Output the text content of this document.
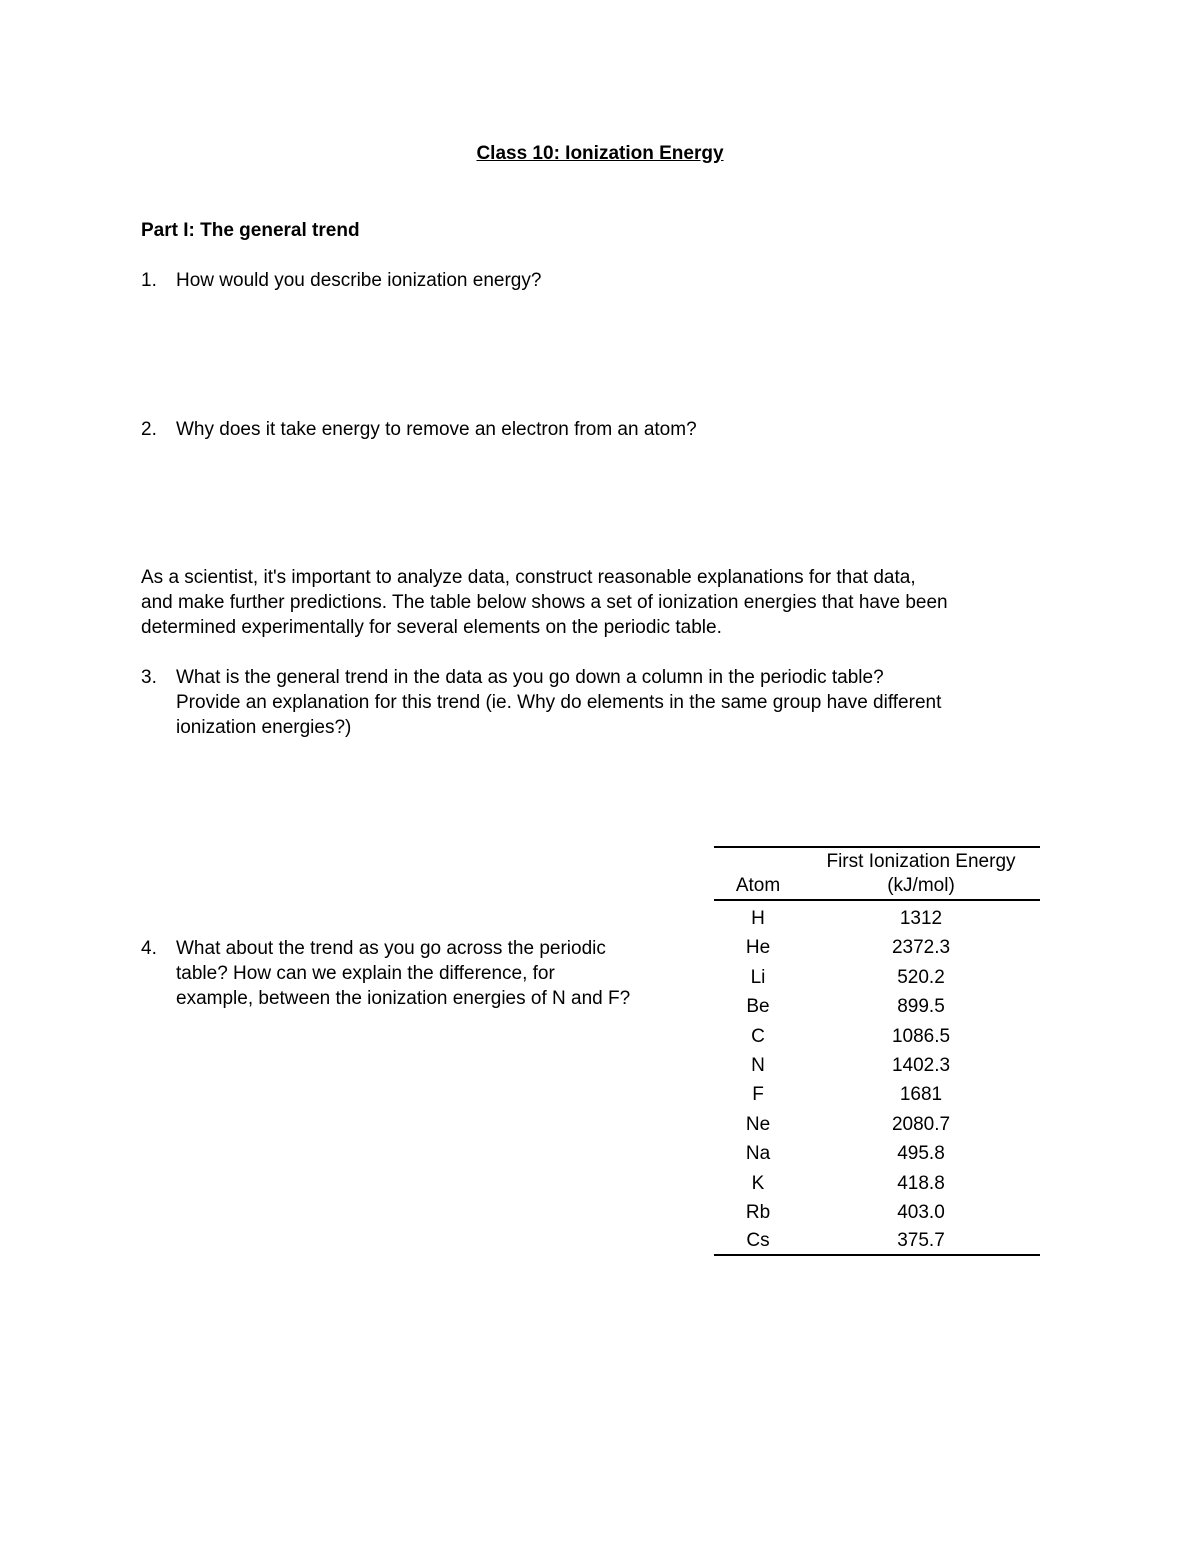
Class 10: Ionization Energy
Part I: The general trend
1.	How would you describe ionization energy?
2.	Why does it take energy to remove an electron from an atom?
As a scientist, it's important to analyze data, construct reasonable explanations for that data,
and make further predictions. The table below shows a set of ionization energies that have been
determined experimentally for several elements on the periodic table.
3.	What is the general trend in the data as you go down a column in the periodic table?
Provide an explanation for this trend (ie. Why do elements in the same group have different
ionization energies?)
4.	What about the trend as you go across the periodic
table? How can we explain the difference, for
example, between the ionization energies of N and F?
Atom	First Ionization Energy
(kJ/mol)

H	1312
He	2372.3
Li	520.2
Be	899.5
C	1086.5
N	1402.3
F	1681
Ne	2080.7
Na	495.8
K	418.8
Rb	403.0
Cs	375.7
